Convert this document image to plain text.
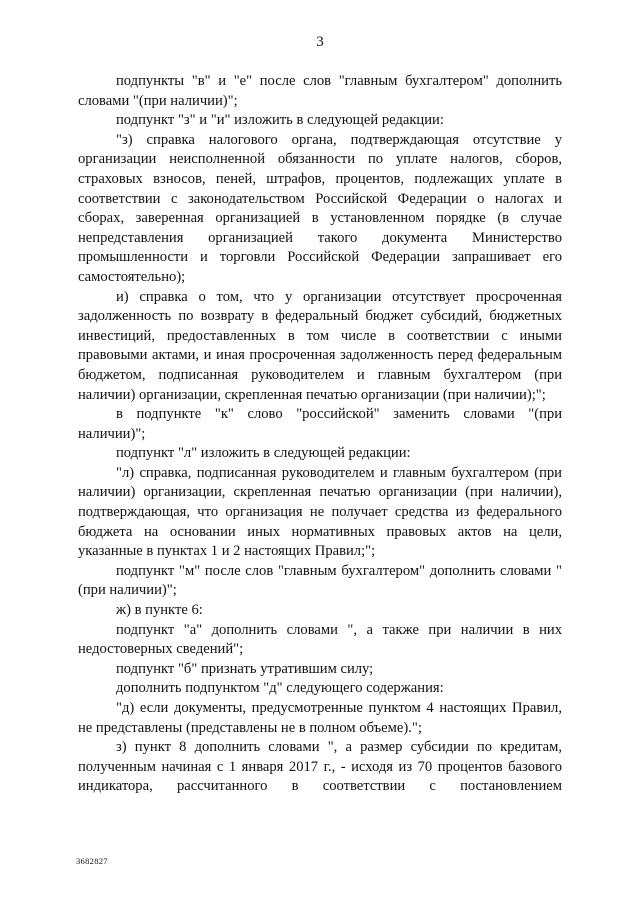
3

подпункты "в" и "е" после слов "главным бухгалтером" дополнить словами "(при наличии)";

подпункт "з" и "и" изложить в следующей редакции:

"з) справка налогового органа, подтверждающая отсутствие у организации неисполненной обязанности по уплате налогов, сборов, страховых взносов, пеней, штрафов, процентов, подлежащих уплате в соответствии с законодательством Российской Федерации о налогах и сборах, заверенная организацией в установленном порядке (в случае непредставления организацией такого документа Министерство промышленности и торговли Российской Федерации запрашивает его самостоятельно);

и) справка о том, что у организации отсутствует просроченная задолженность по возврату в федеральный бюджет субсидий, бюджетных инвестиций, предоставленных в том числе в соответствии с иными правовыми актами, и иная просроченная задолженность перед федеральным бюджетом, подписанная руководителем и главным бухгалтером (при наличии) организации, скрепленная печатью организации (при наличии);";

в подпункте "к" слово "российской" заменить словами "(при наличии)";

подпункт "л" изложить в следующей редакции:

"л) справка, подписанная руководителем и главным бухгалтером (при наличии) организации, скрепленная печатью организации (при наличии), подтверждающая, что организация не получает средства из федерального бюджета на основании иных нормативных правовых актов на цели, указанные в пунктах 1 и 2 настоящих Правил;";

подпункт "м" после слов "главным бухгалтером" дополнить словами "(при наличии)";

ж) в пункте 6:

подпункт "а" дополнить словами ", а также при наличии в них недостоверных сведений";

подпункт "б" признать утратившим силу;

дополнить подпунктом "д" следующего содержания:

"д) если документы, предусмотренные пунктом 4 настоящих Правил, не представлены (представлены не в полном объеме).";

з) пункт 8 дополнить словами ", а размер субсидии по кредитам, полученным начиная с 1 января 2017 г., - исходя из 70 процентов базового индикатора, рассчитанного в соответствии с постановлением

3682827
